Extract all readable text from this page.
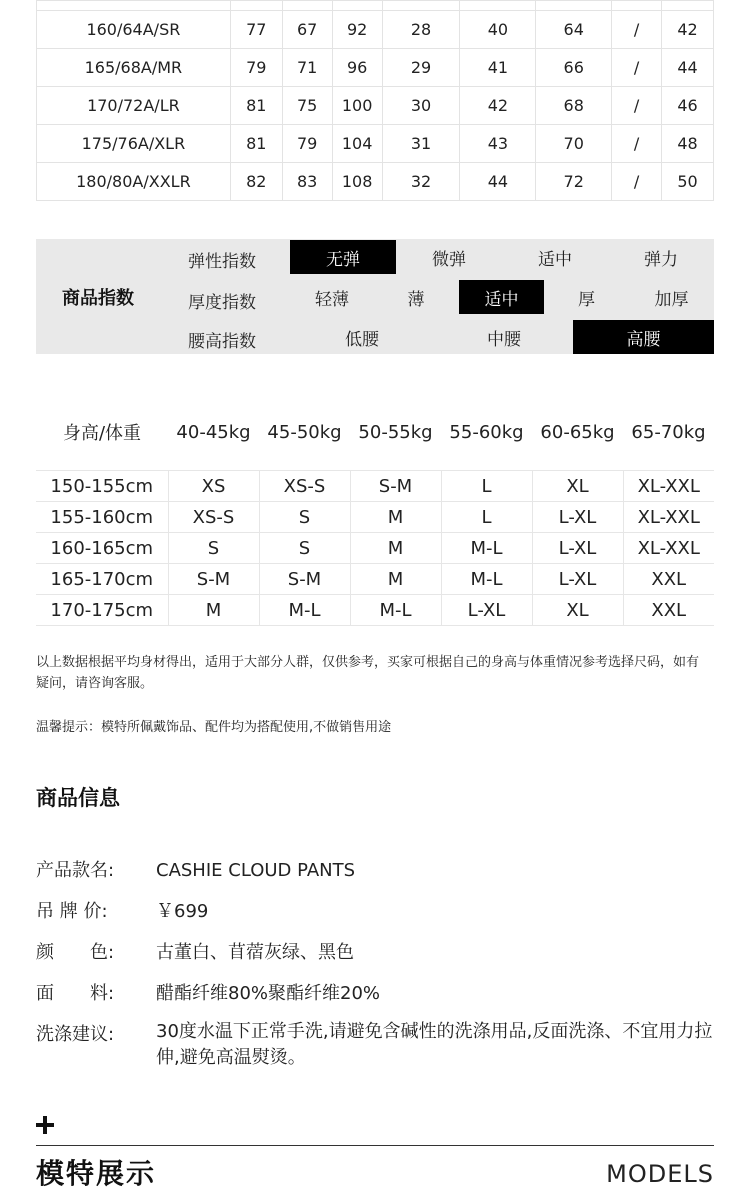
160/64A/SR	77	67	92	28	40	64	/	42
165/68A/MR	79	71	96	29	41	66	/	44
170/72A/LR	81	75	100	30	42	68	/	46
175/76A/XLR	81	79	104	31	43	70	/	48
180/80A/XXLR	82	83	108	32	44	72	/	50
商品指数
弹性指数	无弹	微弹	适中	弹力
厚度指数	轻薄	薄	适中	厚	加厚
腰高指数	低腰	中腰	高腰
身高/体重	40-45kg 45-50kg 50-55kg 55-60kg 60-65kg 65-70kg
150-155cm	XS	XS-S	S-M	L	XL	XL-XXL
155-160cm	XS-S	S	M	L	L-XL	XL-XXL
160-165cm	S	S	M	M-L	L-XL	XL-XXL
165-170cm	S-M	S-M	M	M-L	L-XL	XXL
170-175cm	M	M-L	M-L	L-XL	XL	XXL
以上数据根据平均身材得出，适用于大部分人群，仅供参考，买家可根据自己的身高与体重情况参考选择尺码，如有疑问，请咨询客服。
温馨提示：模特所佩戴饰品、配件均为搭配使用,不做销售用途
商品信息
产品款名:	CASHIE CLOUD PANTS
吊 牌 价:	￥699
颜　　色:	古董白、苜蓿灰绿、黑色
面　　料:	醋酯纤维80%聚酯纤维20%
洗涤建议:	30度水温下正常手洗,请避免含碱性的洗涤用品,反面洗涤、不宜用力拉伸,避免高温熨烫。
模特展示	MODELS
